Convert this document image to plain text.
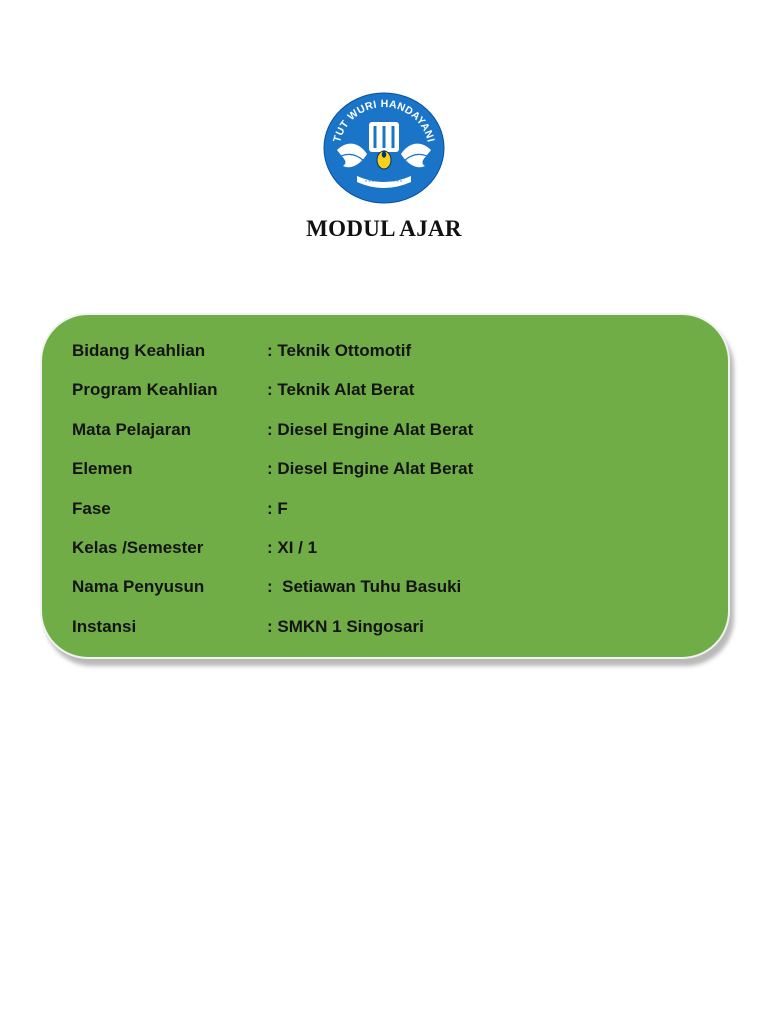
TUT WURI HANDAYANI
MODUL AJAR
Bidang Keahlian	: Teknik Ottomotif
Program Keahlian	: Teknik Alat Berat
Mata Pelajaran	: Diesel Engine Alat Berat
Elemen	: Diesel Engine Alat Berat
Fase	: F
Kelas /Semester	: XI / 1
Nama Penyusun	:  Setiawan Tuhu Basuki
Instansi	: SMKN 1 Singosari
